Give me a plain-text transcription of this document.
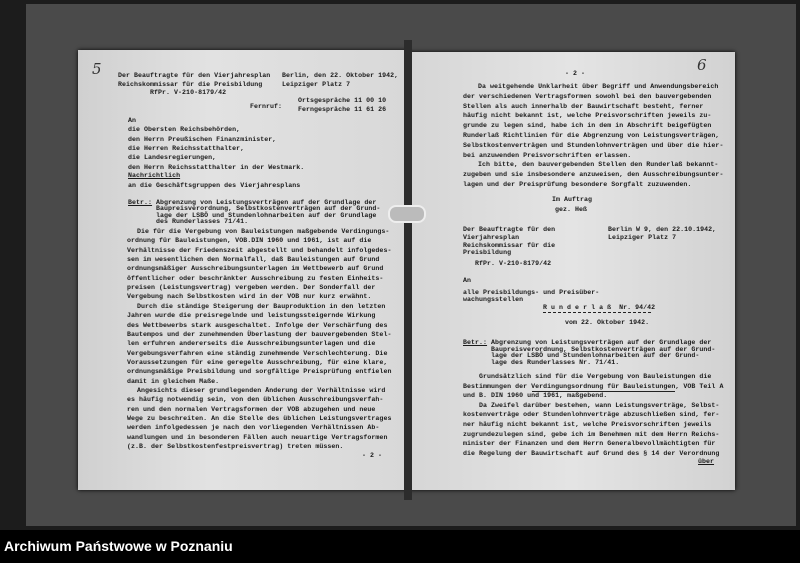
5	6
Der Beauftragte für den Vierjahresplan
Reichskommissar für die Preisbildung
RfPr. V-210-8179/42
Berlin, den 22. Oktober 1942,
Leipziger Platz 7
Fernruf:
Ortsgespräche 11 00 10
Ferngespräche 11 61 26
An
die Obersten Reichsbehörden,
den Herrn Preußischen Finanzminister,
die Herren Reichsstatthalter,
die Landesregierungen,
den Herrn Reichsstatthalter in der Westmark.
Nachrichtlich
an die Geschäftsgruppen des Vierjahresplans
Betr.: Abgrenzung von Leistungsverträgen auf der Grundlage der
Baupreisverordnung, Selbstkostenverträgen auf der Grund-
lage der LSBÖ und Stundenlohnarbeiten auf der Grundlage
des Runderlasses 71/41.
Die für die Vergebung von Bauleistungen maßgebende Verdingungs-
ordnung für Bauleistungen, VOB.DIN 1960 und 1961, ist auf die
Verhältnisse der Friedenszeit abgestellt und behandelt infolgedes-
sen im wesentlichen den Normalfall, daß Bauleistungen auf Grund
ordnungsmäßiger Ausschreibungsunterlagen im Wettbewerb auf Grund
öffentlicher oder beschränkter Ausschreibung zu festen Einheits-
preisen (Leistungsvertrag) vergeben werden. Der Sonderfall der
Vergebung nach Selbstkosten wird in der VOB nur kurz erwähnt.
Durch die ständige Steigerung der Bauproduktion in den letzten
Jahren wurde die preisregelnde und leistungssteigernde Wirkung
des Wettbewerbs stark ausgeschaltet. Infolge der Verschärfung des
Bautempos und der zunehmenden Überlastung der bauvergebenden Stel-
len erfuhren andererseits die Ausschreibungsunterlagen und die
Vergebungsverfahren eine ständig zunehmende Verschlechterung. Die
Voraussetzungen für eine geregelte Ausschreibung, für eine klare,
ordnungsmäßige Preisbildung und sorgfältige Preisprüfung entfielen
damit in gleichem Maße.
Angesichts dieser grundlegenden Änderung der Verhältnisse wird
es häufig notwendig sein, von den üblichen Ausschreibungsverfah-
ren und den normalen Vertragsformen der VOB abzugehen und neue
Wege zu beschreiten. An die Stelle des üblichen Leistungsvertrages
werden infolgedessen je nach den vorliegenden Verhältnissen Ab-
wandlungen und in besonderen Fällen auch neuartige Vertragsformen
(z.B. der Selbstkostenfestpreisvertrag) treten müssen.
- 2 -
- 2 -
Da weitgehende Unklarheit über Begriff und Anwendungsbereich
der verschiedenen Vertragsformen sowohl bei den bauvergebenden
Stellen als auch innerhalb der Bauwirtschaft besteht, ferner
häufig nicht bekannt ist, welche Preisvorschriften jeweils zu-
grunde zu legen sind, habe ich in dem in Abschrift beigefügten
Runderlaß Richtlinien für die Abgrenzung von Leistungsverträgen,
Selbstkostenverträgen und Stundenlohnverträgen und über die hier-
bei anzuwenden Preisvorschriften erlassen.
Ich bitte, den bauvergebenden Stellen den Runderlaß bekannt-
zugeben und sie insbesondere anzuweisen, den Ausschreibungsunter-
lagen und der Preisprüfung besondere Sorgfalt zuzuwenden.
Im Auftrag
gez. Heß
Der Beauftragte für den
Vierjahresplan
Reichskommissar für die
Preisbildung
Berlin W 9, den 22.10.1942,
Leipziger Platz 7
RfPr. V-210-8179/42
An
alle Preisbildungs- und Preisüber-
wachungsstellen
R u n d e r l a ß  Nr. 94/42
vom 22. Oktober 1942.
Betr.: Abgrenzung von Leistungsverträgen auf der Grundlage der
Baupreisverordnung, Selbstkostenverträgen auf der Grund-
lage der LSBÖ und Stundenlohnarbeiten auf der Grund-
lage des Runderlasses Nr. 71/41.
Grundsätzlich sind für die Vergebung von Bauleistungen die
Bestimmungen der Verdingungsordnung für Bauleistungen, VOB Teil A
und B. DIN 1960 und 1961, maßgebend.
Da Zweifel darüber bestehen, wann Leistungsverträge, Selbst-
kostenverträge oder Stundenlohnverträge abzuschließen sind, fer-
ner häufig nicht bekannt ist, welche Preisvorschriften jeweils
zugrundezulegen sind, gebe ich im Benehmen mit dem Herrn Reichs-
minister der Finanzen und dem Herrn Generalbevollmächtigten für
die Regelung der Bauwirtschaft auf Grund des § 14 der Verordnung
über
Archiwum Państwowe w Poznaniu
